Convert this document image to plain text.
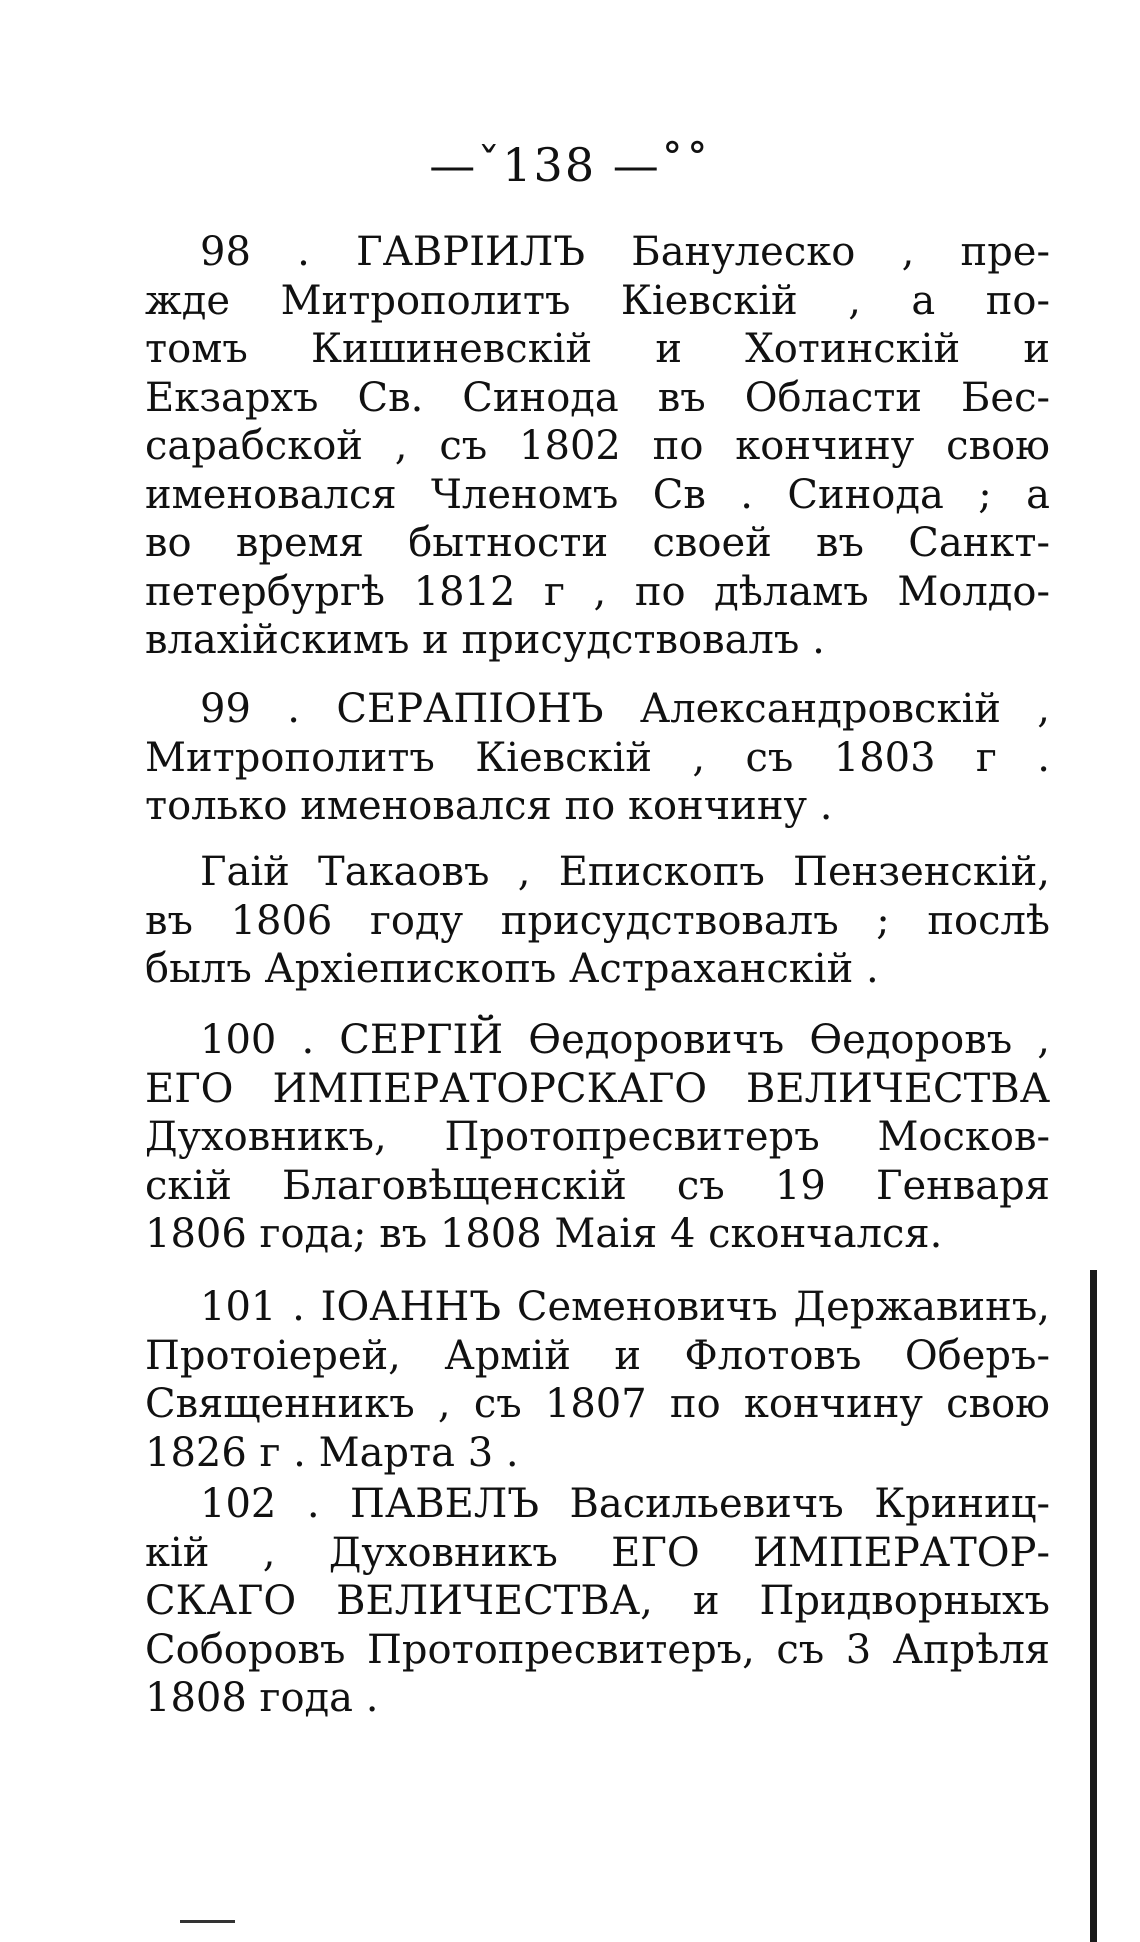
—ˇ138 —˚˚
98 . ГАВРІИЛЪ Банулеско , пре-
жде Митрополитъ Кіевскій , а по-
томъ Кишиневскій и Хотинскій и
Екзархъ Св. Синода въ Области Бес-
сарабской , съ 1802 по кончину свою
именовался Членомъ Св . Синода ; а
во время бытности своей въ Санкт-
петербургѣ 1812 г , по дѣламъ Молдо-
влахійскимъ и присудствовалъ .
99 . СЕРАПІОНЪ Александровскій ,
Митрополитъ Кіевскій , съ 1803 г .
только именовался по кончину .
Гаій Такаовъ , Епископъ Пензенскій,
въ 1806 году присудствовалъ ; послѣ
былъ Архіепископъ Астраханскій .
100 . СЕРГІЙ Ѳедоровичъ Ѳедоровъ ,
ЕГО ИМПЕРАТОРСКАГО ВЕЛИЧЕСТВА
Духовникъ, Протопресвитеръ Москов-
скій Благовѣщенскій съ 19 Генваря
1806 года; въ 1808 Маія 4 скончался.
101 . ІОАННЪ Семеновичъ Державинъ,
Протоіерей, Армій и Флотовъ Оберъ-
Священникъ , съ 1807 по кончину свою
1826 г . Марта 3 .
102 . ПАВЕЛЪ Васильевичъ Криниц-
кій , Духовникъ ЕГО ИМПЕРАТОР-
СКАГО ВЕЛИЧЕСТВА, и Придворныхъ
Соборовъ Протопресвитеръ, съ 3 Апрѣля
1808 года .
